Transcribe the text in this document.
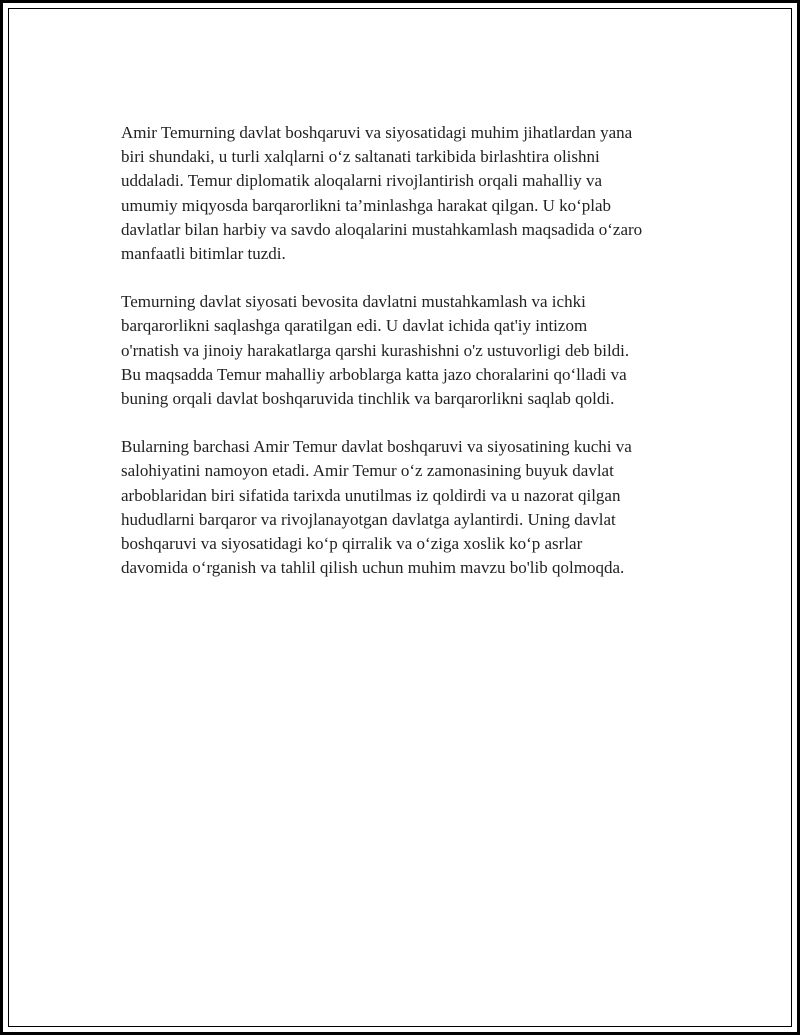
Amir Temurning davlat boshqaruvi va siyosatidagi muhim jihatlardan yana
biri shundaki, u turli xalqlarni o‘z saltanati tarkibida birlashtira olishni
uddaladi. Temur diplomatik aloqalarni rivojlantirish orqali mahalliy va
umumiy miqyosda barqarorlikni ta’minlashga harakat qilgan. U ko‘plab
davlatlar bilan harbiy va savdo aloqalarini mustahkamlash maqsadida o‘zaro
manfaatli bitimlar tuzdi.

Temurning davlat siyosati bevosita davlatni mustahkamlash va ichki
barqarorlikni saqlashga qaratilgan edi. U davlat ichida qat'iy intizom
o'rnatish va jinoiy harakatlarga qarshi kurashishni o'z ustuvorligi deb bildi.
Bu maqsadda Temur mahalliy arboblarga katta jazo choralarini qo‘lladi va
buning orqali davlat boshqaruvida tinchlik va barqarorlikni saqlab qoldi.

Bularning barchasi Amir Temur davlat boshqaruvi va siyosatining kuchi va
salohiyatini namoyon etadi. Amir Temur o‘z zamonasining buyuk davlat
arboblaridan biri sifatida tarixda unutilmas iz qoldirdi va u nazorat qilgan
hududlarni barqaror va rivojlanayotgan davlatga aylantirdi. Uning davlat
boshqaruvi va siyosatidagi ko‘p qirralik va o‘ziga xoslik ko‘p asrlar
davomida o‘rganish va tahlil qilish uchun muhim mavzu bo'lib qolmoqda.
